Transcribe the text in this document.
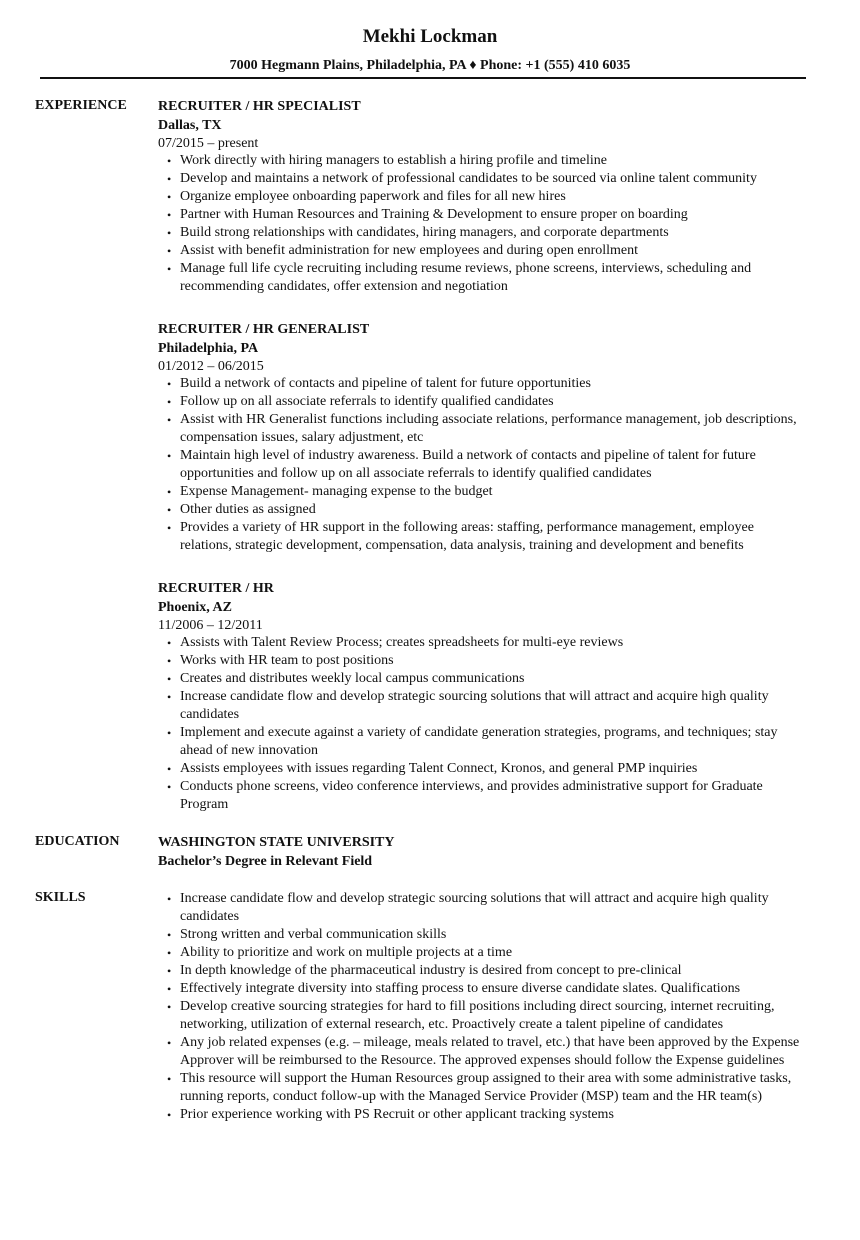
Mekhi Lockman
7000 Hegmann Plains, Philadelphia, PA ♦ Phone: +1 (555) 410 6035
EXPERIENCE RECRUITER / HR SPECIALIST
Dallas, TX
07/2015 – present
• Work directly with hiring managers to establish a hiring profile and timeline
• Develop and maintains a network of professional candidates to be sourced via online talent community
• Organize employee onboarding paperwork and files for all new hires
• Partner with Human Resources and Training & Development to ensure proper on boarding
• Build strong relationships with candidates, hiring managers, and corporate departments
• Assist with benefit administration for new employees and during open enrollment
• Manage full life cycle recruiting including resume reviews, phone screens, interviews, scheduling and recommending candidates, offer extension and negotiation
RECRUITER / HR GENERALIST
Philadelphia, PA
01/2012 – 06/2015
• Build a network of contacts and pipeline of talent for future opportunities
• Follow up on all associate referrals to identify qualified candidates
• Assist with HR Generalist functions including associate relations, performance management, job descriptions, compensation issues, salary adjustment, etc
• Maintain high level of industry awareness. Build a network of contacts and pipeline of talent for future opportunities and follow up on all associate referrals to identify qualified candidates
• Expense Management- managing expense to the budget
• Other duties as assigned
• Provides a variety of HR support in the following areas: staffing, performance management, employee relations, strategic development, compensation, data analysis, training and development and benefits
RECRUITER / HR
Phoenix, AZ
11/2006 – 12/2011
• Assists with Talent Review Process; creates spreadsheets for multi-eye reviews
• Works with HR team to post positions
• Creates and distributes weekly local campus communications
• Increase candidate flow and develop strategic sourcing solutions that will attract and acquire high quality candidates
• Implement and execute against a variety of candidate generation strategies, programs, and techniques; stay ahead of new innovation
• Assists employees with issues regarding Talent Connect, Kronos, and general PMP inquiries
• Conducts phone screens, video conference interviews, and provides administrative support for Graduate Program
EDUCATION	WASHINGTON STATE UNIVERSITY
Bachelor’s Degree in Relevant Field
SKILLS	• Increase candidate flow and develop strategic sourcing solutions that will attract and acquire high quality candidates
• Strong written and verbal communication skills
• Ability to prioritize and work on multiple projects at a time
• In depth knowledge of the pharmaceutical industry is desired from concept to pre-clinical
• Effectively integrate diversity into staffing process to ensure diverse candidate slates. Qualifications
• Develop creative sourcing strategies for hard to fill positions including direct sourcing, internet recruiting, networking, utilization of external research, etc. Proactively create a talent pipeline of candidates
• Any job related expenses (e.g. – mileage, meals related to travel, etc.) that have been approved by the Expense Approver will be reimbursed to the Resource. The approved expenses should follow the Expense guidelines
• This resource will support the Human Resources group assigned to their area with some administrative tasks, running reports, conduct follow-up with the Managed Service Provider (MSP) team and the HR team(s)
• Prior experience working with PS Recruit or other applicant tracking systems
